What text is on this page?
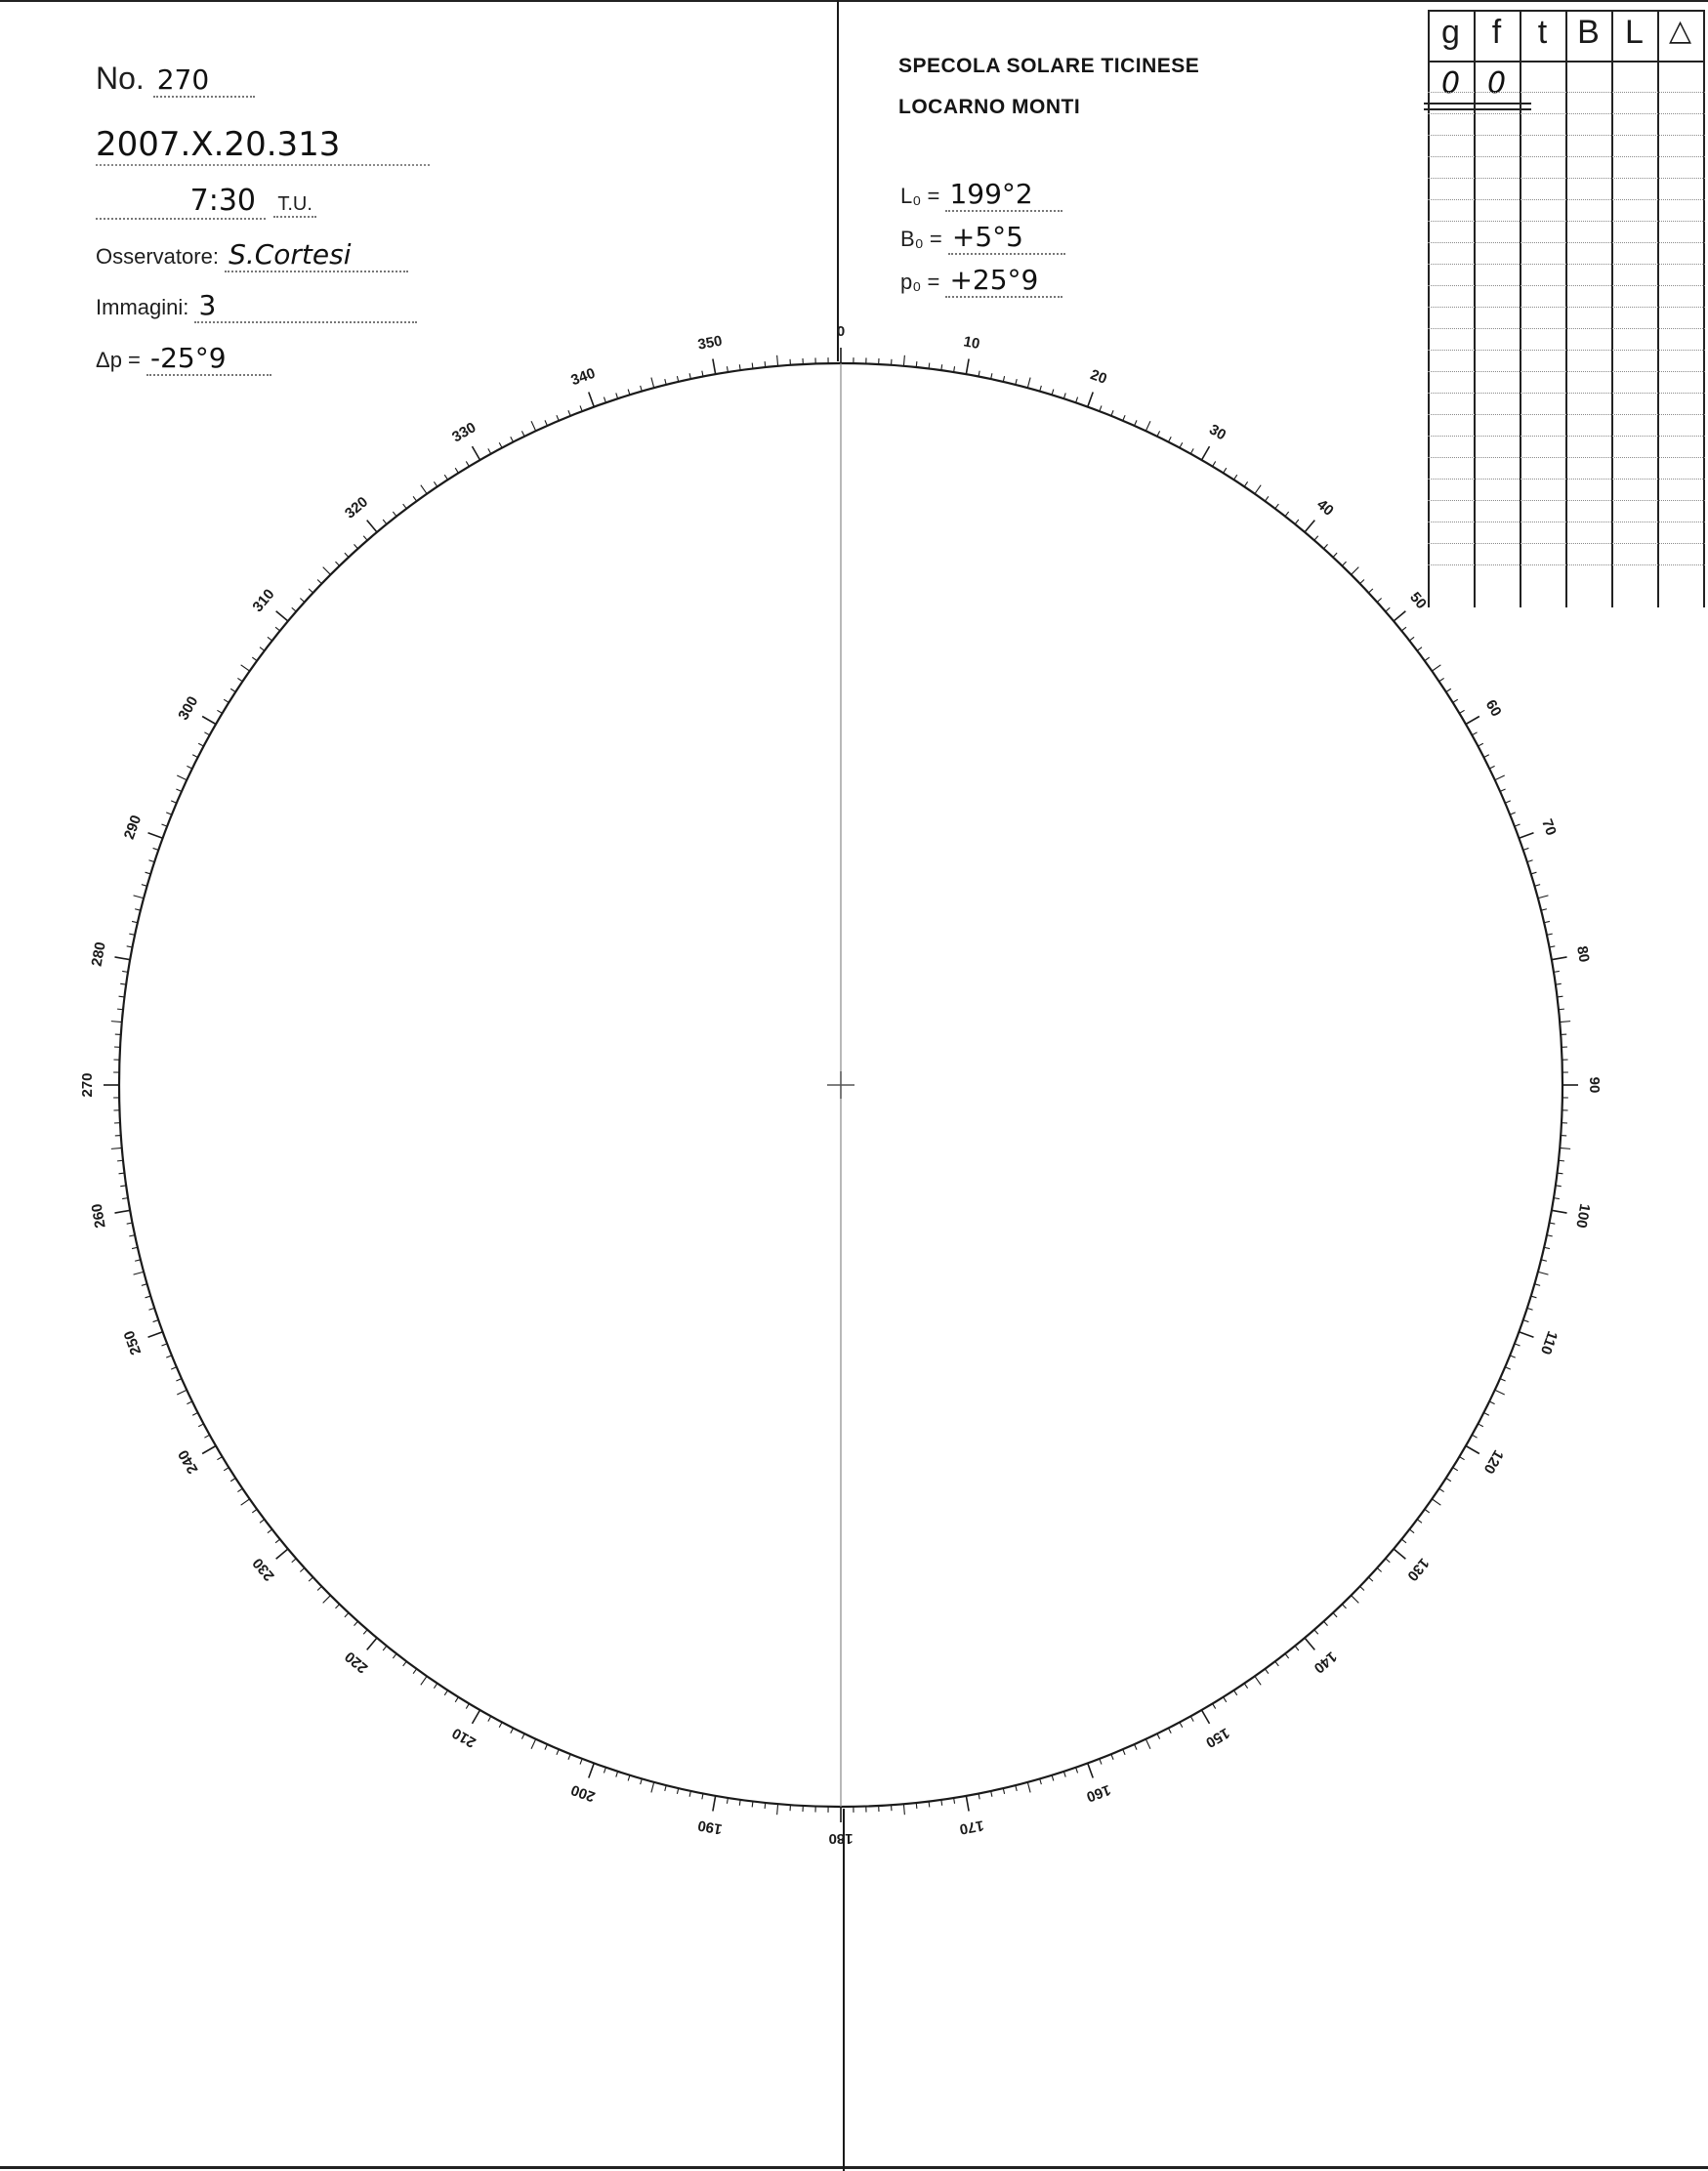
No. 270
2007.X.20.313
7:30 T.U.
Osservatore: S.Cortesi
Immagini: 3
Δp = -25°9
SPECOLA SOLARE TICINESE
LOCARNO MONTI
L₀ = 199°2
B₀ = +5°5
p₀ = +25°9
g f	t B L △
0 0
0
10
20
30
40
50
60
70
80
90
100
110
120
130
140
150
160
170
180
190
200
210
220
230
240
250
260
270
280
290
300
310
320
330
340
350
